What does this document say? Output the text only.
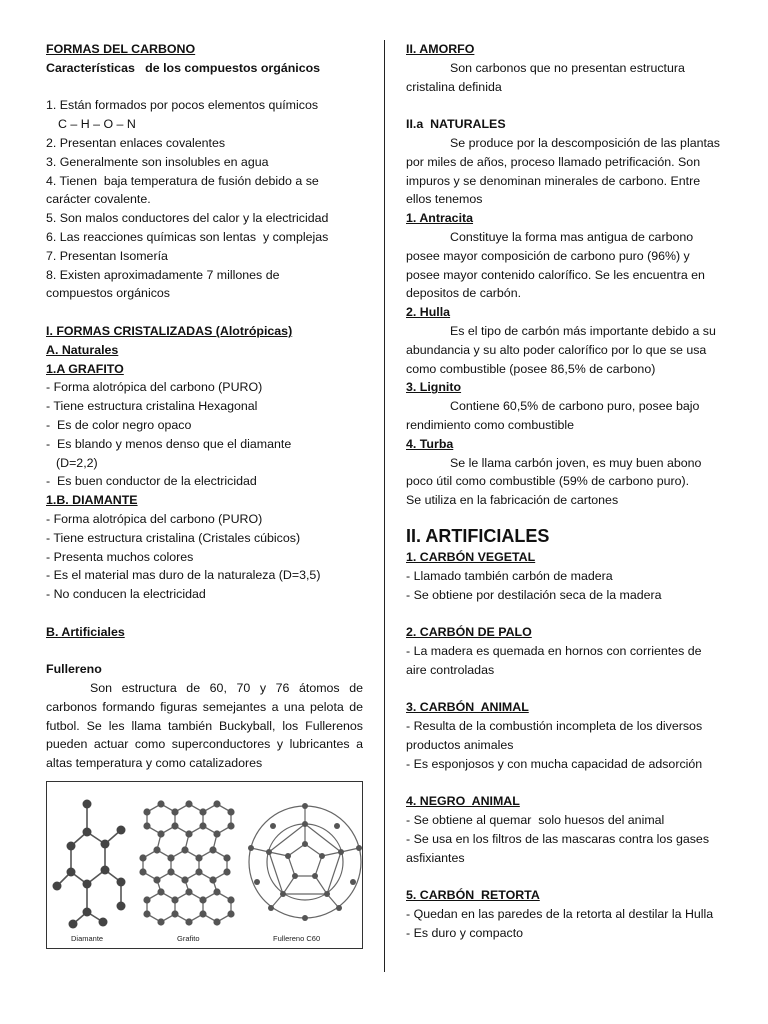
FORMAS DEL CARBONO
Características   de los compuestos orgánicos
1. Están formados por pocos elementos químicos
C – H – O – N
2. Presentan enlaces covalentes
3. Generalmente son insolubles en agua
4. Tienen  baja temperatura de fusión debido a se
carácter covalente.
5. Son malos conductores del calor y la electricidad
6. Las reacciones químicas son lentas  y complejas
7. Presentan Isomería
8. Existen aproximadamente 7 millones de
compuestos orgánicos
I. FORMAS CRISTALIZADAS (Alotrópicas)
A. Naturales
1.A GRAFITO
- Forma alotrópica del carbono (PURO)
- Tiene estructura cristalina Hexagonal
-  Es de color negro opaco
-  Es blando y menos denso que el diamante
(D=2,2)
-  Es buen conductor de la electricidad
1.B. DIAMANTE
- Forma alotrópica del carbono (PURO)
- Tiene estructura cristalina (Cristales cúbicos)
- Presenta muchos colores
- Es el material mas duro de la naturaleza (D=3,5)
- No conducen la electricidad
B. Artificiales
Fullereno

Son estructura de 60, 70 y 76 átomos de carbonos formando figuras semejantes a una pelota de futbol. Se les llama también Buckyball, los Fullerenos pueden actuar como superconductores y lubricantes a altas temperatura y como catalizadores

Diamante	Grafito	Fullereno C60
II. AMORFO

Son carbonos que no presentan estructura cristalina definida

II.a  NATURALES

Se produce por la descomposición de las plantas por miles de años, proceso llamado petrificación. Son impuros y se denominan minerales de carbono. Entre ellos tenemos

1. Antracita

Constituye la forma mas antigua de carbono posee mayor composición de carbono puro (96%) y posee mayor contenido calorífico. Se les encuentra en depositos de carbón.

2. Hulla

Es el tipo de carbón más importante debido a su abundancia y su alto poder calorífico por lo que se usa como combustible (posee 86,5% de carbono)

3. Lignito

Contiene 60,5% de carbono puro, posee bajo rendimiento como combustible

4. Turba

Se le llama carbón joven, es muy buen abono poco útil como combustible (59% de carbono puro).

Se utiliza en la fabricación de cartones

II. ARTIFICIALES
1. CARBÓN VEGETAL

- Llamado también carbón de madera

- Se obtiene por destilación seca de la madera

2. CARBÓN DE PALO

- La madera es quemada en hornos con corrientes de aire controladas

3. CARBÓN  ANIMAL

- Resulta de la combustión incompleta de los diversos productos animales

- Es esponjosos y con mucha capacidad de adsorción

4. NEGRO  ANIMAL

- Se obtiene al quemar  solo huesos del animal

- Se usa en los filtros de las mascaras contra los gases asfixiantes

5. CARBÓN  RETORTA

- Quedan en las paredes de la retorta al destilar la Hulla

- Es duro y compacto
